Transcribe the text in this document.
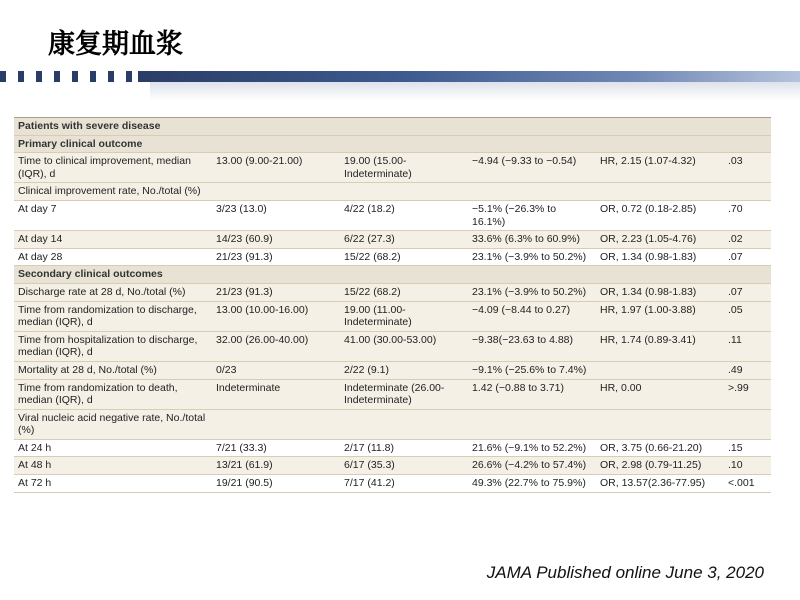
康复期血浆
Patients with severe disease					
Primary clinical outcome					
Time to clinical improvement, median (IQR), d	13.00 (9.00-21.00)	19.00 (15.00-Indeterminate)	−4.94 (−9.33 to −0.54)	HR, 2.15 (1.07-4.32)	.03
Clinical improvement rate, No./total (%)					
At day 7	3/23 (13.0)	4/22 (18.2)	−5.1% (−26.3% to 16.1%)	OR, 0.72 (0.18-2.85)	.70
At day 14	14/23 (60.9)	6/22 (27.3)	33.6% (6.3% to 60.9%)	OR, 2.23 (1.05-4.76)	.02
At day 28	21/23 (91.3)	15/22 (68.2)	23.1% (−3.9% to 50.2%)	OR, 1.34 (0.98-1.83)	.07
Secondary clinical outcomes					
Discharge rate at 28 d, No./total (%)	21/23 (91.3)	15/22 (68.2)	23.1% (−3.9% to 50.2%)	OR, 1.34 (0.98-1.83)	.07
Time from randomization to discharge, median (IQR), d	13.00 (10.00-16.00)	19.00 (11.00-Indeterminate)	−4.09 (−8.44 to 0.27)	HR, 1.97 (1.00-3.88)	.05
Time from hospitalization to discharge, median (IQR), d	32.00 (26.00-40.00)	41.00 (30.00-53.00)	−9.38(−23.63 to 4.88)	HR, 1.74 (0.89-3.41)	.11
Mortality at 28 d, No./total (%)	0/23	2/22 (9.1)	−9.1% (−25.6% to 7.4%)		.49
Time from randomization to death, median (IQR), d	Indeterminate	Indeterminate (26.00-Indeterminate)	1.42 (−0.88 to 3.71)	HR, 0.00	>.99
Viral nucleic acid negative rate, No./total (%)					
At 24 h	7/21 (33.3)	2/17 (11.8)	21.6% (−9.1% to 52.2%)	OR, 3.75 (0.66-21.20)	.15
At 48 h	13/21 (61.9)	6/17 (35.3)	26.6% (−4.2% to 57.4%)	OR, 2.98 (0.79-11.25)	.10
At 72 h	19/21 (90.5)	7/17 (41.2)	49.3% (22.7% to 75.9%)	OR, 13.57(2.36-77.95)	<.001
JAMA Published online June 3, 2020
